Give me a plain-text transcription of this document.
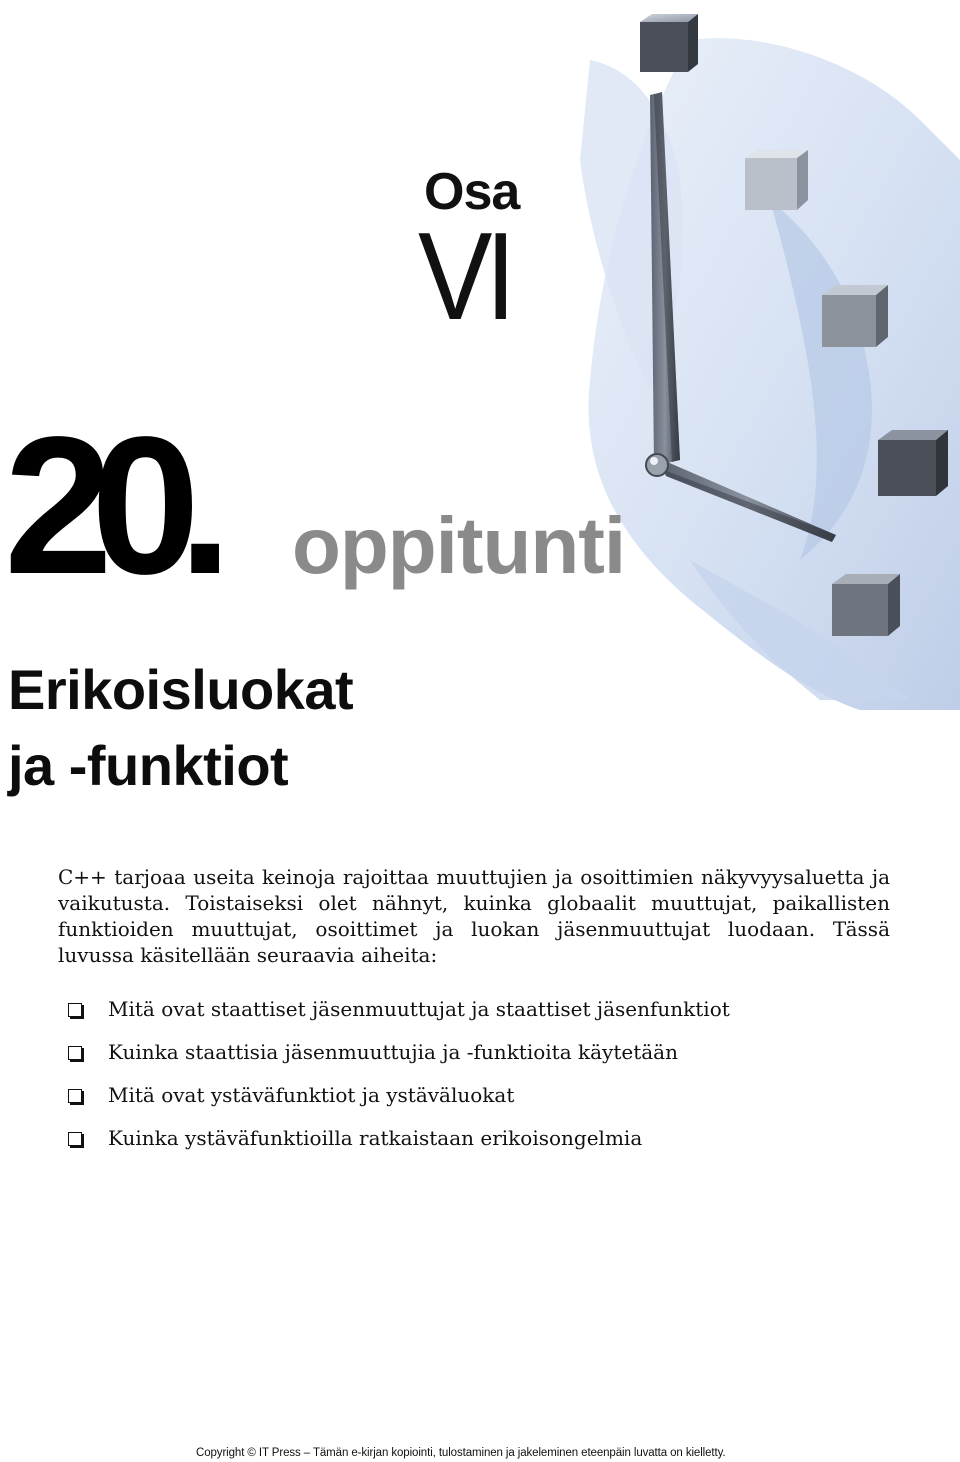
Osa
VI
20. oppitunti
Erikoisluokat
ja -funktiot

C++ tarjoaa useita keinoja rajoittaa muuttujien ja osoittimien näkyvyysaluetta ja vaikutusta. Toistaiseksi olet nähnyt, kuinka globaalit muuttujat, paikallisten funktioiden muuttujat, osoittimet ja luokan jäsenmuuttujat luodaan. Tässä luvussa käsitellään seuraavia aiheita:

Mitä ovat staattiset jäsenmuuttujat ja staattiset jäsenfunktiot
Kuinka staattisia jäsenmuuttujia ja -funktioita käytetään
Mitä ovat ystäväfunktiot ja ystäväluokat
Kuinka ystäväfunktioilla ratkaistaan erikoisongelmia
Copyright © IT Press – Tämän e-kirjan kopiointi, tulostaminen ja jakeleminen eteenpäin luvatta on kielletty.
